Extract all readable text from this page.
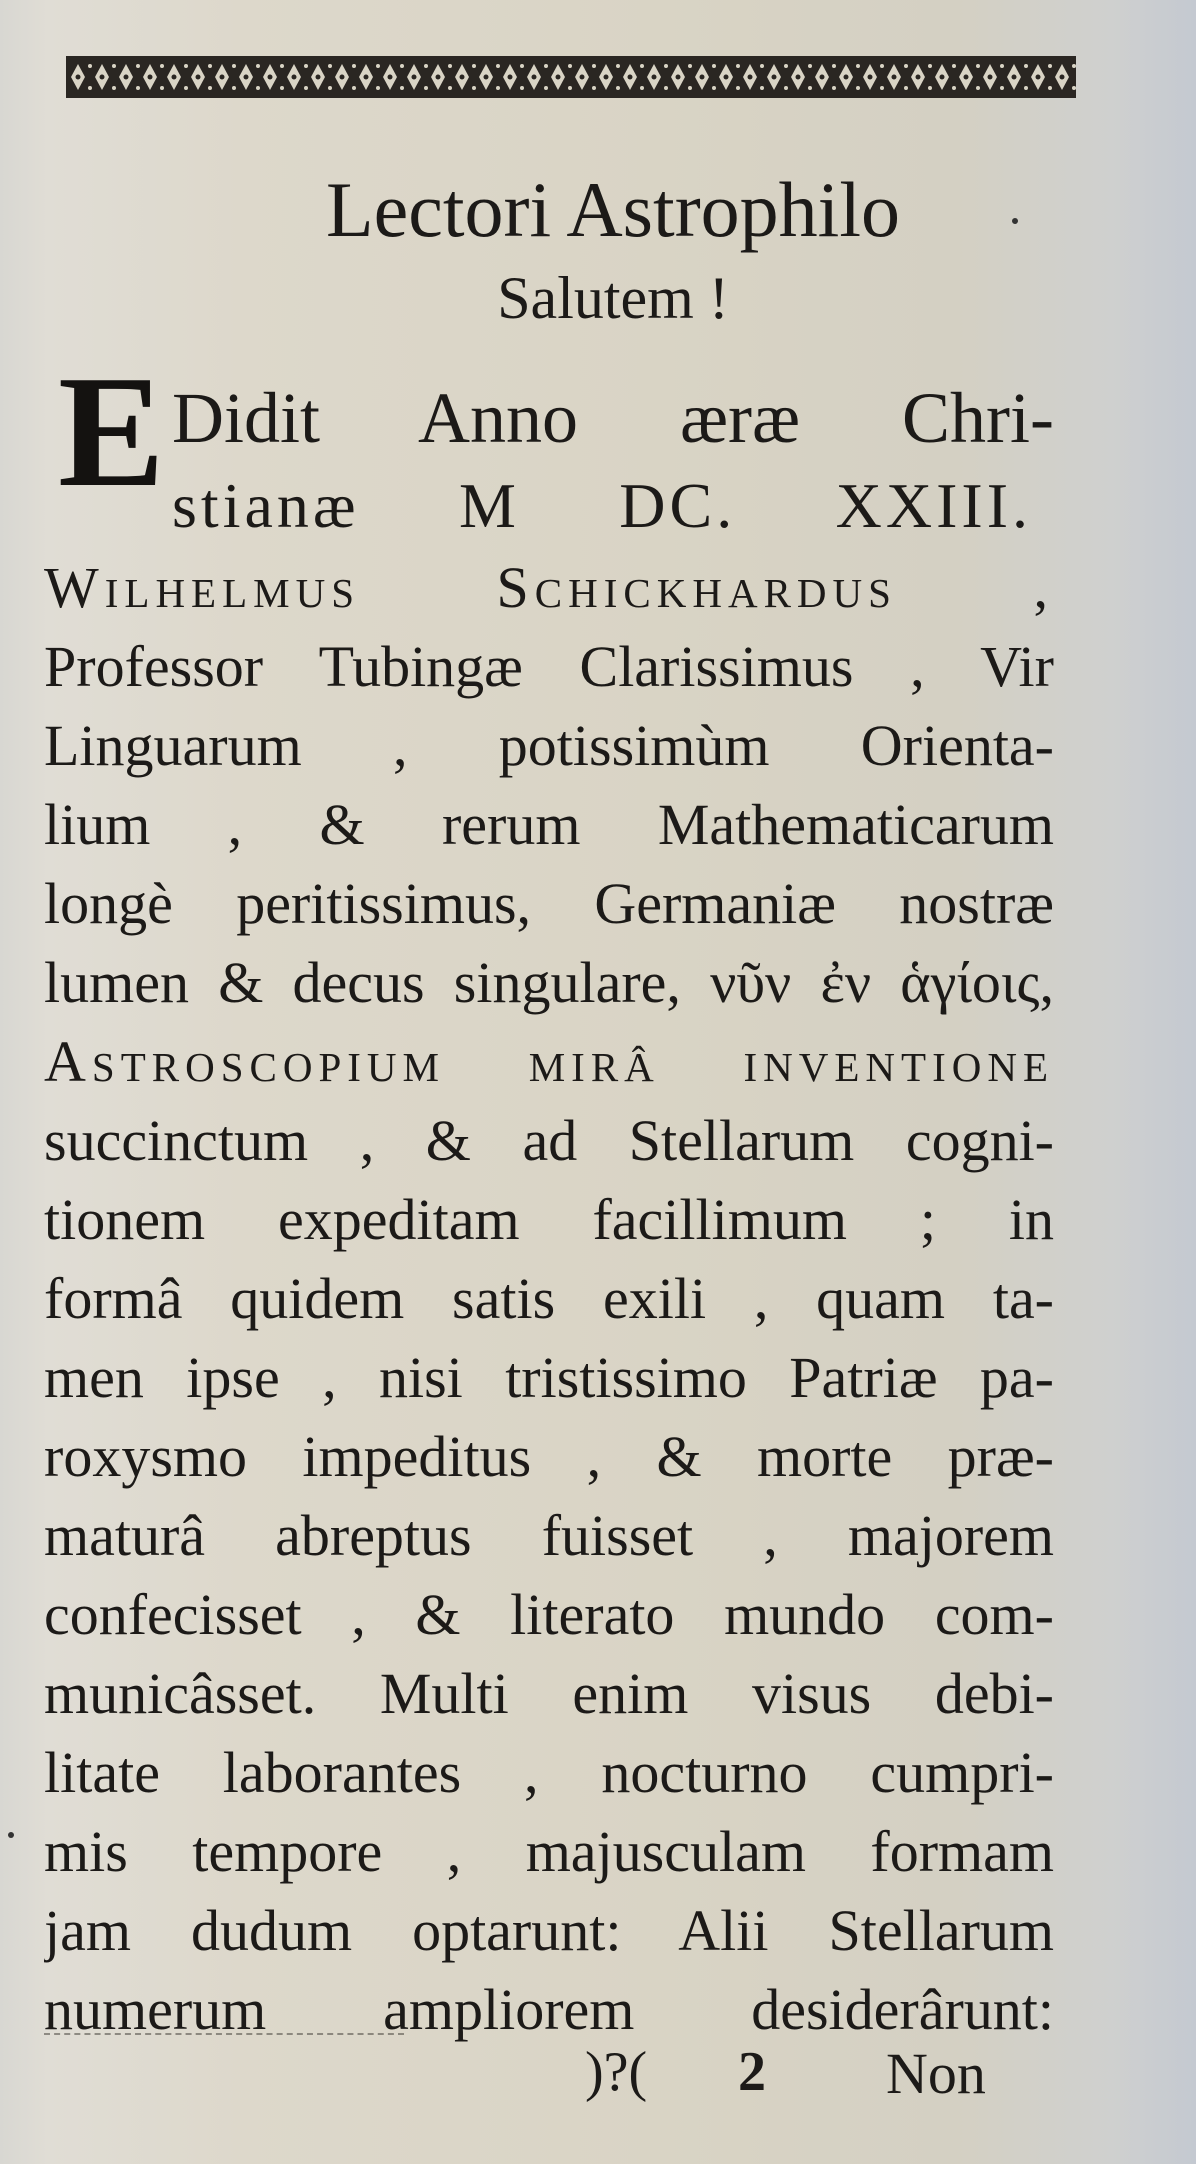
Lectori Astrophilo
Salutem !
E Didit Anno æræ Chri-
stianæ M DC. XXIII.
Wilhelmus Schickhardus ,
Professor Tubingæ Clarissimus , Vir
Linguarum , potissimùm Orienta-
lium , & rerum Mathematicarum
longè peritissimus, Germaniæ nostræ
lumen & decus singulare, νῦν ἐν ἁγίοις,
Astroscopium mirâ inventione
succinctum , & ad Stellarum cogni-
tionem expeditam facillimum ; in
formâ quidem satis exili , quam ta-
men ipse , nisi tristissimo Patriæ pa-
roxysmo impeditus , & morte præ-
maturâ abreptus fuisset , majorem
confecisset , & literato mundo com-
municâsset. Multi enim visus debi-
litate laborantes , nocturno cumpri-
mis tempore , majusculam formam
jam dudum optarunt: Alii Stellarum
numerum ampliorem desiderârunt:
)?( 2 Non
